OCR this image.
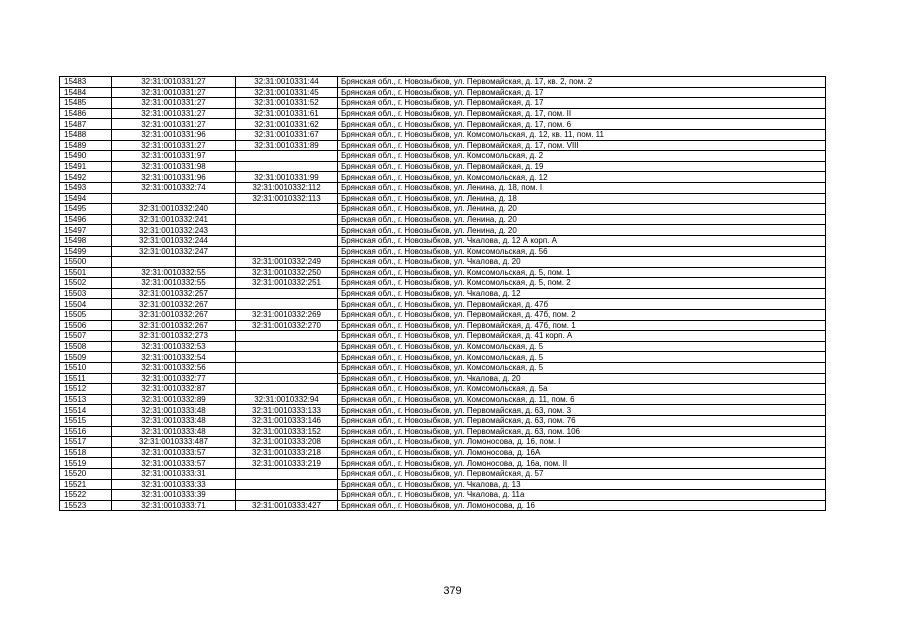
15483	32:31:0010331:27	32:31:0010331:44	Брянская обл., г. Новозыбков, ул. Первомайская, д. 17, кв. 2, пом. 2
15484	32:31:0010331:27	32:31:0010331:45	Брянская обл., г. Новозыбков, ул. Первомайская, д. 17
15485	32:31:0010331:27	32:31:0010331:52	Брянская обл., г. Новозыбков, ул. Первомайская, д. 17
15486	32:31:0010331:27	32:31:0010331:61	Брянская обл., г. Новозыбков, ул. Первомайская, д. 17, пом. II
15487	32:31:0010331:27	32:31:0010331:62	Брянская обл., г. Новозыбков, ул. Первомайская, д. 17, пом. 6
15488	32:31:0010331:96	32:31:0010331:67	Брянская обл., г. Новозыбков, ул. Комсомольская, д. 12, кв. 11, пом. 11
15489	32:31:0010331:27	32:31:0010331:89	Брянская обл., г. Новозыбков, ул. Первомайская, д. 17, пом. VIII
15490	32:31:0010331:97		Брянская обл., г. Новозыбков, ул. Комсомольская, д. 2
15491	32:31:0010331:98		Брянская обл., г. Новозыбков, ул. Первомайская, д. 19
15492	32:31:0010331:96	32:31:0010331:99	Брянская обл., г. Новозыбков, ул. Комсомольская, д. 12
15493	32:31:0010332:74	32:31:0010332:112	Брянская обл., г. Новозыбков, ул. Ленина, д. 18, пом. I
15494		32:31:0010332:113	Брянская обл., г. Новозыбков, ул. Ленина, д. 18
15495	32:31:0010332:240		Брянская обл., г. Новозыбков, ул. Ленина, д. 20
15496	32:31:0010332:241		Брянская обл., г. Новозыбков, ул. Ленина, д. 20
15497	32:31:0010332:243		Брянская обл., г. Новозыбков, ул. Ленина, д. 20
15498	32:31:0010332:244		Брянская обл., г. Новозыбков, ул. Чкалова, д. 12 А корп. А
15499	32:31:0010332:247		Брянская обл., г. Новозыбков, ул. Комсомольская, д. 56
15500		32:31:0010332:249	Брянская обл., г. Новозыбков, ул. Чкалова, д. 20
15501	32:31:0010332:55	32:31:0010332:250	Брянская обл., г. Новозыбков, ул. Комсомольская, д. 5, пом. 1
15502	32:31:0010332:55	32:31:0010332:251	Брянская обл., г. Новозыбков, ул. Комсомольская, д. 5, пом. 2
15503	32:31:0010332:257		Брянская обл., г. Новозыбков, ул. Чкалова, д. 12
15504	32:31:0010332:267		Брянская обл., г. Новозыбков, ул. Первомайская, д. 47б
15505	32:31:0010332:267	32:31:0010332:269	Брянская обл., г. Новозыбков, ул. Первомайская, д. 47б, пом. 2
15506	32:31:0010332:267	32:31:0010332:270	Брянская обл., г. Новозыбков, ул. Первомайская, д. 47б, пом. 1
15507	32:31:0010332:273		Брянская обл., г. Новозыбков, ул. Первомайская, д. 41 корп. А
15508	32:31:0010332:53		Брянская обл., г. Новозыбков, ул. Комсомольская, д. 5
15509	32:31:0010332:54		Брянская обл., г. Новозыбков, ул. Комсомольская, д. 5
15510	32:31:0010332:56		Брянская обл., г. Новозыбков, ул. Комсомольская, д. 5
15511	32:31:0010332:77		Брянская обл., г. Новозыбков, ул. Чкалова, д. 20
15512	32:31:0010332:87		Брянская обл., г. Новозыбков, ул. Комсомольская, д. 5а
15513	32:31:0010332:89	32:31:0010332:94	Брянская обл., г. Новозыбков, ул. Комсомольская, д. 11, пом. 6
15514	32:31:0010333:48	32:31:0010333:133	Брянская обл., г. Новозыбков, ул. Первомайская, д. 63, пом. 3
15515	32:31:0010333:48	32:31:0010333:146	Брянская обл., г. Новозыбков, ул. Первомайская, д. 63, пом. 76
15516	32:31:0010333:48	32:31:0010333:152	Брянская обл., г. Новозыбков, ул. Первомайская, д. 63, пом. 106
15517	32:31:0010333:487	32:31:0010333:208	Брянская обл., г. Новозыбков, ул. Ломоносова, д. 16, пом. I
15518	32:31:0010333:57	32:31:0010333:218	Брянская обл., г. Новозыбков, ул. Ломоносова, д. 16А
15519	32:31:0010333:57	32:31:0010333:219	Брянская обл., г. Новозыбков, ул. Ломоносова, д. 16а, пом. II
15520	32:31:0010333:31		Брянская обл., г. Новозыбков, ул. Первомайская, д. 57
15521	32:31:0010333:33		Брянская обл., г. Новозыбков, ул. Чкалова, д. 13
15522	32:31:0010333:39		Брянская обл., г. Новозыбков, ул. Чкалова, д. 11а
15523	32:31:0010333:71	32:31:0010333:427	Брянская обл., г. Новозыбков, ул. Ломоносова, д. 16
379
